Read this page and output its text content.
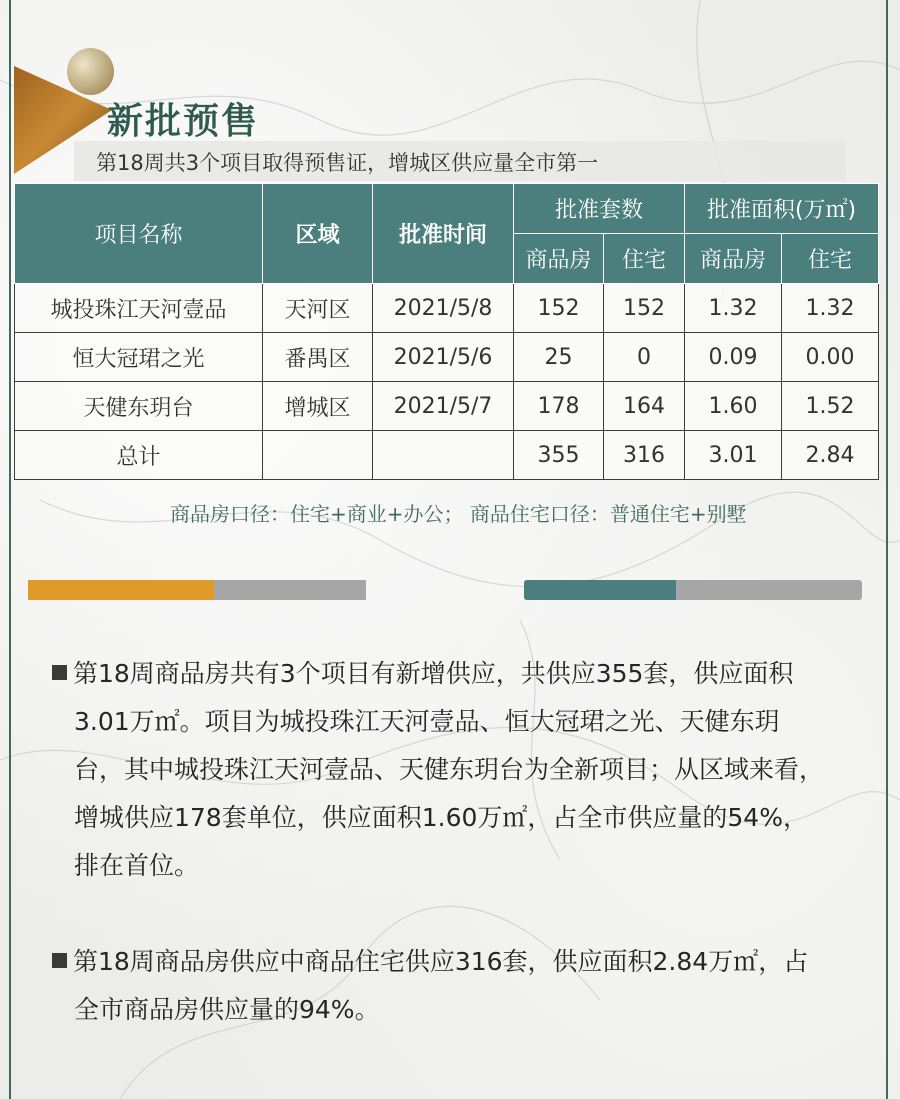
第18周共3个项目取得预售证，增城区供应量全市第一
新批预售
项目名称	区域	批准时间	批准套数		批准面积(万㎡)	
			商品房	住宅	商品房	住宅
城投珠江天河壹品	天河区	2021/5/8	152	152	1.32	1.32
恒大冠珺之光	番禺区	2021/5/6	25	0	0.09	0.00
天健东玥台	增城区	2021/5/7	178	164	1.60	1.52
总计			355	316	3.01	2.84
商品房口径：住宅+商业+办公； 商品住宅口径：普通住宅+别墅
第18周商品房共有3个项目有新增供应，共供应355套，供应面积
3.01万㎡。项目为城投珠江天河壹品、恒大冠珺之光、天健东玥
台，其中城投珠江天河壹品、天健东玥台为全新项目；从区域来看，
增城供应178套单位，供应面积1.60万㎡，占全市供应量的54%，
排在首位。
第18周商品房供应中商品住宅供应316套，供应面积2.84万㎡，占
全市商品房供应量的94%。
